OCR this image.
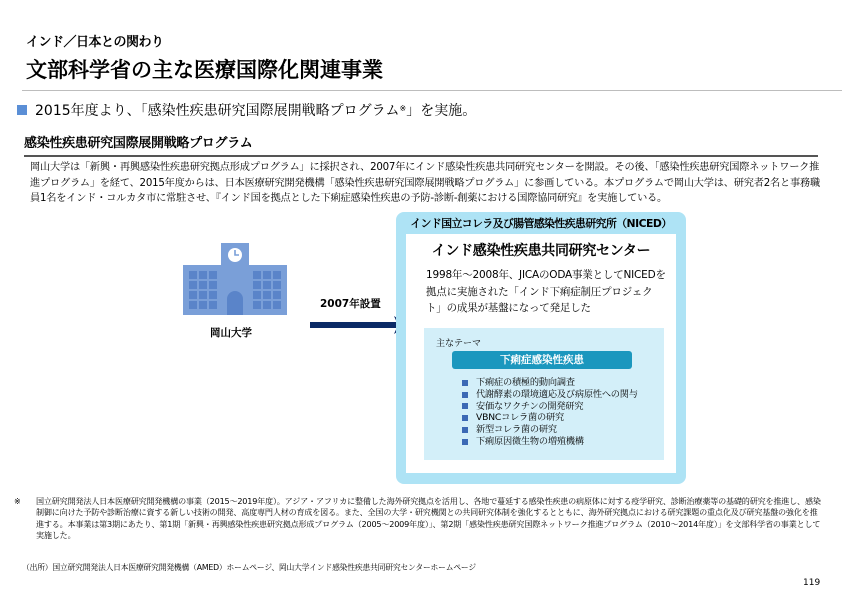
インド／日本との関わり
文部科学省の主な医療国際化関連事業
2015年度より、「感染性疾患研究国際展開戦略プログラム※ 」を実施。
感染性疾患研究国際展開戦略プログラム
岡山大学は「新興・再興感染性疾患研究拠点形成プログラム」に採択され、2007年にインド感染性疾患共同研究センターを開設。その後、「感染性疾患研究国際ネットワーク推進プログラム」を経て、2015年度からは、日本医療研究開発機構「感染性疾患研究国際展開戦略プログラム」に参画している。本プログラムで岡山大学は、研究者2名と事務職員1名をインド・コルカタ市に常駐させ、『インド国を拠点とした下痢症感染性疾患の予防-診断-創薬における国際協同研究』を実施している。
岡山大学
2007年設置
インド国立コレラ及び腸管感染性疾患研究所（NICED）
インド感染性疾患共同研究センター
1998年～2008年、JICAのODA事業としてNICEDを拠点に実施された「インド下痢症制圧プロジェクト」の成果が基盤になって発足した
主なテーマ
下痢症感染性疾患
下痢症の積極的動向調査
代謝酵素の環境適応及び病原性への関与
安価なワクチンの開発研究
VBNCコレラ菌の研究
新型コレラ菌の研究
下痢原因微生物の増殖機構
※	国立研究開発法人日本医療研究開発機構の事業（2015～2019年度）。アジア・アフリカに整備した海外研究拠点を活用し、各地で蔓延する感染性疾患の病原体に対する疫学研究、診断治療薬等の基礎的研究を推進し、感染制御に向けた予防や診断治療に資する新しい技術の開発、高度専門人材の育成を図る。また、全国の大学・研究機関との共同研究体制を強化するとともに、海外研究拠点における研究課題の重点化及び研究基盤の強化を推進する。本事業は第3期にあたり、第1期「新興・再興感染性疾患研究拠点形成プログラム（2005～2009年度）」、第2期「感染性疾患研究国際ネットワーク推進プログラム（2010～2014年度）」を文部科学省の事業として実施した。
（出所）国立研究開発法人日本医療研究開発機構（AMED）ホームページ、岡山大学インド感染性疾患共同研究センターホームページ
119
